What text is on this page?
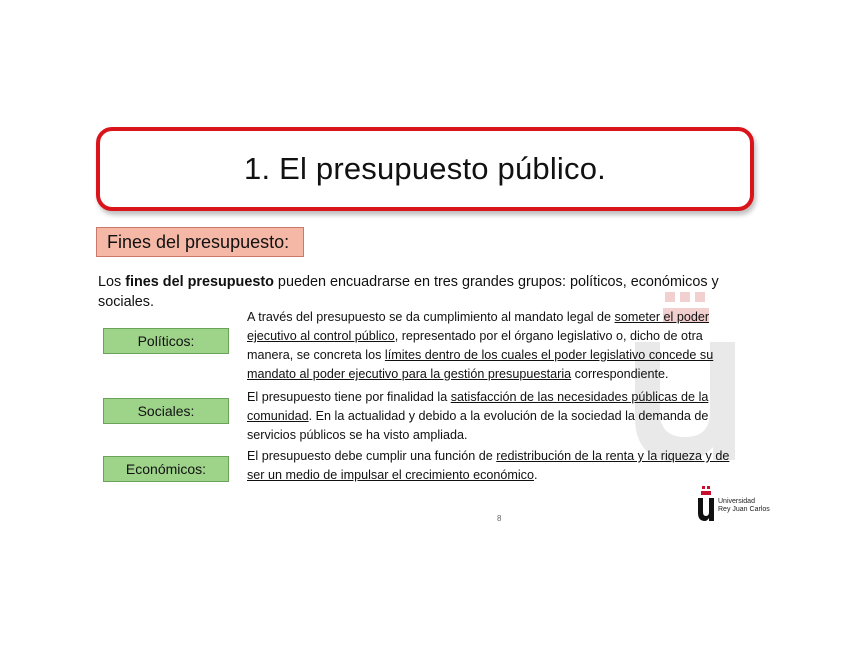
1. El presupuesto público.
Fines del presupuesto:
Los fines del presupuesto pueden encuadrarse en tres grandes grupos: políticos, económicos y sociales.
Políticos:
A través del presupuesto se da cumplimiento al mandato legal de someter el poder ejecutivo al control público, representado por el órgano legislativo o, dicho de otra manera, se concreta los límites dentro de los cuales el poder legislativo concede su mandato al poder ejecutivo para la gestión presupuestaria correspondiente.
Sociales:
El presupuesto tiene por finalidad la satisfacción de las necesidades públicas de la comunidad. En la actualidad y debido a la evolución de la sociedad la demanda de servicios públicos se ha visto ampliada.
Económicos:
El presupuesto debe cumplir una función de redistribución de la renta y la riqueza y de ser un medio de impulsar el crecimiento económico.
8
Universidad
Rey Juan Carlos
